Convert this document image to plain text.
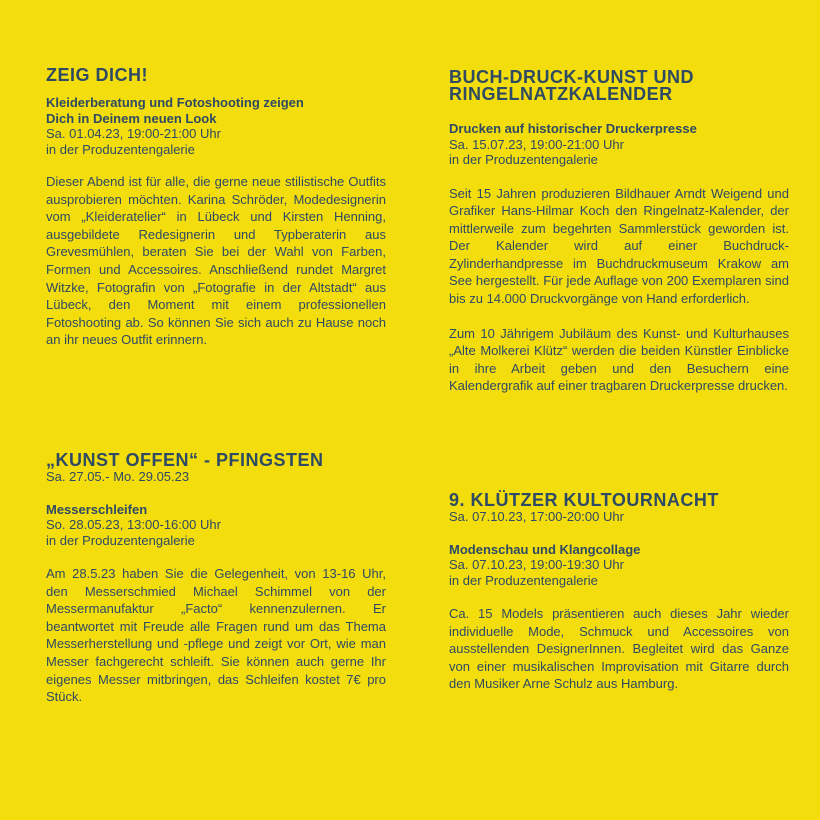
ZEIG DICH!

Kleiderberatung und Fotoshooting zeigen

Dich in Deinem neuen Look

Sa. 01.04.23, 19:00-21:00 Uhr

in der Produzentengalerie

Dieser Abend ist für alle, die gerne neue stilistische Outfits ausprobieren möchten. Karina Schröder, Modedesignerin vom „Kleideratelier“ in Lübeck und Kirsten Henning, ausgebildete Redesignerin und Typberaterin aus Grevesmühlen, beraten Sie bei der Wahl von Farben, Formen und Accessoires. Anschließend rundet Margret Witzke, Fotografin von „Fotografie in der Altstadt“ aus Lübeck, den Moment mit einem professionellen Fotoshooting ab. So können Sie sich auch zu Hause noch an ihr neues Outfit erinnern.

„KUNST OFFEN“ - PFINGSTEN

Sa. 27.05.- Mo. 29.05.23

Messerschleifen

So. 28.05.23, 13:00-16:00 Uhr

in der Produzentengalerie

Am 28.5.23 haben Sie die Gelegenheit, von 13-16 Uhr, den Messerschmied Michael Schimmel von der Messermanufaktur „Facto“ kennenzulernen. Er beantwortet mit Freude alle Fragen rund um das Thema Messerherstellung und -pflege und zeigt vor Ort, wie man Messer fachgerecht schleift. Sie können auch gerne Ihr eigenes Messer mitbringen, das Schleifen kostet 7€ pro Stück.

BUCH-DRUCK-KUNST UND
RINGELNATZKALENDER

Drucken auf historischer Druckerpresse

Sa. 15.07.23, 19:00-21:00 Uhr

in der Produzentengalerie

Seit 15 Jahren produzieren Bildhauer Arndt Weigend und Grafiker Hans-Hilmar Koch den Ringelnatz-Kalender, der mittlerweile zum begehrten Sammlerstück geworden ist. Der Kalender wird auf einer Buchdruck-Zylinderhandpresse im Buchdruckmuseum Krakow am See hergestellt. Für jede Auflage von 200 Exemplaren sind bis zu 14.000 Druckvorgänge von Hand erforderlich.

Zum 10 Jährigem Jubiläum des Kunst- und Kulturhauses „Alte Molkerei Klütz“ werden die beiden Künstler Einblicke in ihre Arbeit geben und den Besuchern eine Kalendergrafik auf einer tragbaren Druckerpresse drucken.

9. KLÜTZER KULTOURNACHT

Sa. 07.10.23, 17:00-20:00 Uhr

Modenschau und Klangcollage

Sa. 07.10.23, 19:00-19:30 Uhr

in der Produzentengalerie

Ca. 15 Models präsentieren auch dieses Jahr wieder individuelle Mode, Schmuck und Accessoires von ausstellenden DesignerInnen. Begleitet wird das Ganze von einer musikalischen Improvisation mit Gitarre durch den Musiker Arne Schulz aus Hamburg.
